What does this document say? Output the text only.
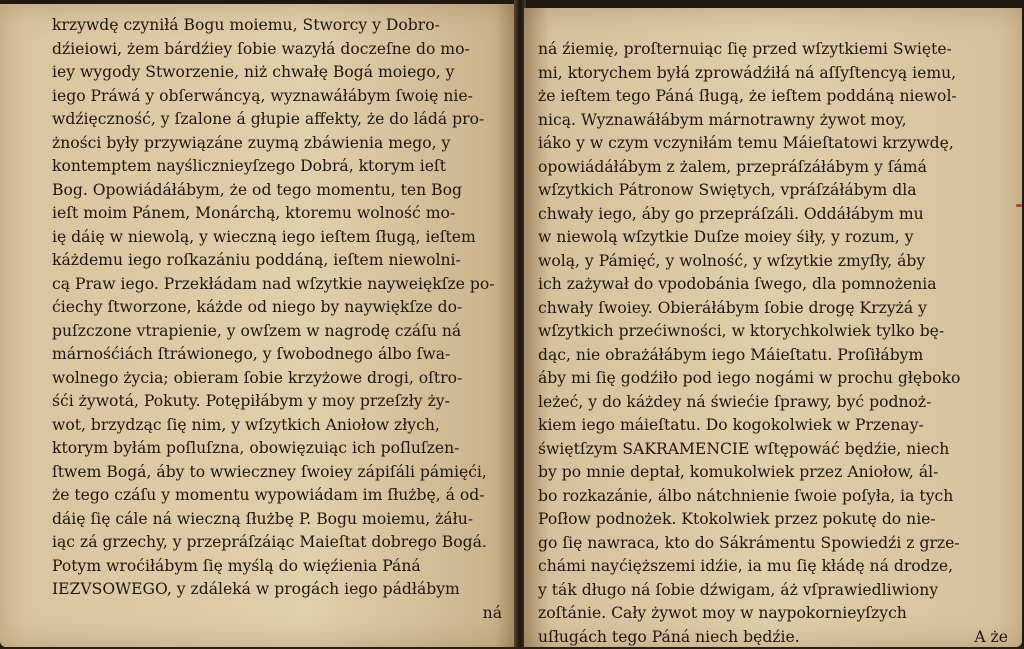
krzywdę czyniłá Bogu moiemu, Stworcy y Dobro-
dźieiowi, żem bárdźiey ſobie wazyłá doczeſne do mo-
iey wygody Stworzenie, niż chwałę Bogá moiego, y
iego Práwá y obſerwáncyą, wyznawáłábym ſwoię nie-
wdźięczność, y ſzalone á głupie affekty, że do ládá pro-
żności były przywiązáne zuymą zbáwienia mego, y
kontemptem nayślicznieyſzego Dobrá, ktorym ieſt
Bog. Opowiádáłábym, że od tego momentu, ten Bog
ieſt moim Pánem, Monárchą, ktoremu wolność mo-
ię dáię w niewolą, y wieczną iego ieſtem ſługą, ieſtem
káżdemu iego roſkazániu poddáną, ieſtem niewolni-
cą Praw iego. Przekłádam nad wſzytkie nayweiękſze po-
ćiechy ſtworzone, káżde od niego by naywiękſze do-
puſzczone vtrapienie, y owſzem w nagrodę czáſu ná
márnośćiách ſtráwionego, y ſwobodnego álbo ſwa-
wolnego życia; obieram ſobie krzyżowe drogi, oſtro-
śći żywotá, Pokuty. Potępiłábym y moy przeſzły ży-
wot, brzydząc ſię nim, y wſzytkich Aniołow złych,
ktorym byłám poſluſzna, obowięzuiąc ich poſluſzen-
ſtwem Bogá, áby to wwieczney ſwoiey zápiſáli pámięći,
że tego czáſu y momentu wypowiádam im ſłużbę, á od-
dáię ſię cále ná wieczną ſłużbę P. Bogu moiemu, żáłu-
iąc zá grzechy, y przepráſzáiąc Maieſtat dobrego Bogá.
Potym wroćiłábym ſię myślą do więźienia Páná
IEZVSOWEGO, y zdáleká w progách iego pádłábym
ná
ná źiemię, proſternuiąc ſię przed wſzytkiemi Swięte-
mi, ktorychem byłá zprowádźiłá ná aſſyſtencyą iemu,
że ieſtem tego Páná ſługą, że ieſtem poddáną niewol-
nicą. Wyznawáłábym márnotrawny żywot moy,
iáko y w czym vczyniłám temu Máieſtatowi krzywdę,
opowiádáłábym z żalem, przepráſzáłábym y ſámá
wſzytkich Pátronow Swiętych, vpráſzáłábym dla
chwały iego, áby go przepráſzáli. Oddáłábym mu
w niewolą wſzytkie Duſze moiey śiły, y rozum, y
wolą, y Pámięć, y wolność, y wſzytkie zmyſły, áby
ich zażywał do vpodobánia ſwego, dla pomnożenia
chwały ſwoiey. Obieráłábym ſobie drogę Krzyżá y
wſzytkich przećiwności, w ktorychkolwiek tylko bę-
dąc, nie obrażáłábym iego Máieſtatu. Proſiłábym
áby mi ſię godźiło pod iego nogámi w prochu głęboko
leżeć, y do káżdey ná świećie ſprawy, być podnoż-
kiem iego máieſtatu. Do kogokolwiek w Przenay-
świętſzym SAKRAMENCIE wſtępowáć będźie, niech
by po mnie deptał, komukolwiek przez Aniołow, ál-
bo rozkazánie, álbo nátchnienie ſwoie poſyła, ia tych
Poſłow podnożek. Ktokolwiek przez pokutę do nie-
go ſię nawraca, kto do Sákrámentu Spowiedźi z grze-
chámi nayćięższemi idźie, ia mu ſię kłádę ná drodze,
y ták długo ná ſobie dźwigam, áż vſprawiedliwiony
zoſtánie. Cały żywot moy w naypokornieyſzych
uſługách tego Páná niech będźie.	A że
